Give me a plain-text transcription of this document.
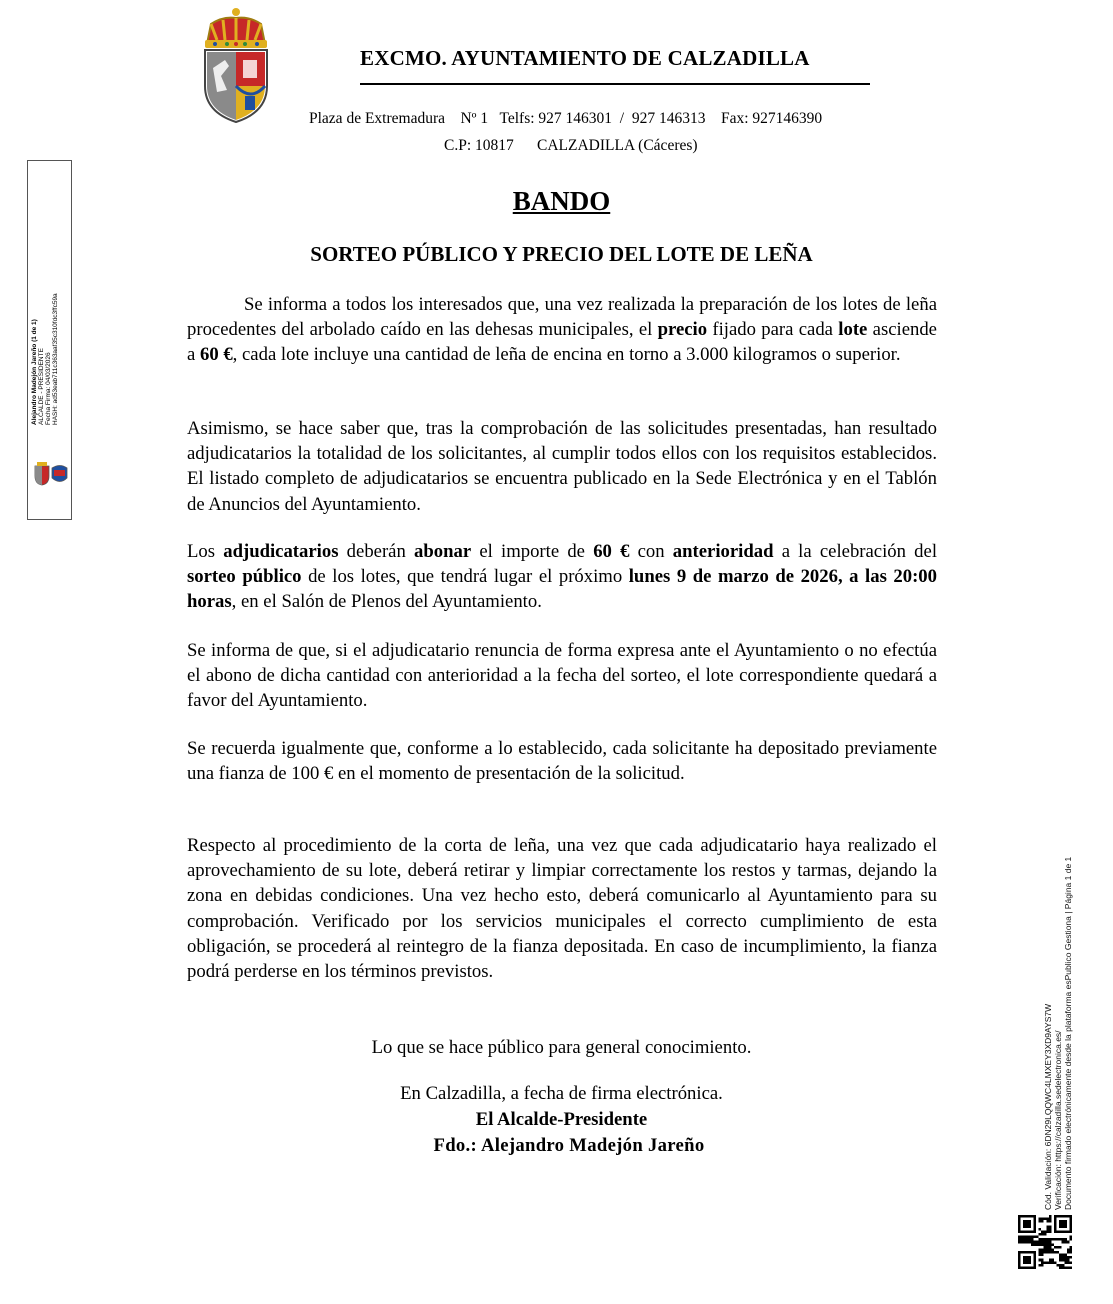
EXCMO. AYUNTAMIENTO DE CALZADILLA
Plaza de Extremadura    Nº 1   Telfs: 927 146301  /  927 146313    Fax: 927146390
C.P: 10817      CALZADILLA (Cáceres)
BANDO
SORTEO PÚBLICO Y PRECIO DEL LOTE DE LEÑA
Se informa a todos los interesados que, una vez realizada la preparación de los lotes de leña procedentes del arbolado caído en las dehesas municipales, el precio fijado para cada lote asciende a 60 €, cada lote incluye una cantidad de leña de encina en torno a 3.000 kilogramos o superior.
Asimismo, se hace saber que, tras la comprobación de las solicitudes presentadas, han resultado adjudicatarios la totalidad de los solicitantes, al cumplir todos ellos con los requisitos establecidos. El listado completo de adjudicatarios se encuentra publicado en la Sede Electrónica y en el Tablón de Anuncios del Ayuntamiento.
Los adjudicatarios deberán abonar el importe de 60 € con anterioridad a la celebración del sorteo público de los lotes, que tendrá lugar el próximo lunes 9 de marzo de 2026, a las 20:00 horas, en el Salón de Plenos del Ayuntamiento.
Se informa de que, si el adjudicatario renuncia de forma expresa ante el Ayuntamiento o no efectúa el abono de dicha cantidad con anterioridad a la fecha del sorteo, el lote correspondiente quedará a favor del Ayuntamiento.
Se recuerda igualmente que, conforme a lo establecido, cada solicitante ha depositado previamente una fianza de 100 € en el momento de presentación de la solicitud.
Respecto al procedimiento de la corta de leña, una vez que cada adjudicatario haya realizado el aprovechamiento de su lote, deberá retirar y limpiar correctamente los restos y tarmas, dejando la zona en debidas condiciones. Una vez hecho esto, deberá comunicarlo al Ayuntamiento para su comprobación. Verificado por los servicios municipales el correcto cumplimiento de esta obligación, se procederá al reintegro de la fianza depositada. En caso de incumplimiento, la fianza podrá perderse en los términos previstos.
Lo que se hace público para general conocimiento.
En Calzadilla, a fecha de firma electrónica.
El Alcalde-Presidente
Fdo.: Alejandro Madejón Jareño
Alejandro Madejón Jareño (1 de 1) ALCALDE - PRESIDENTE Fecha Firma: 04/03/2026 HASH: ad53eab711c363aaf35c310fdc3ffc59a
Cód. Validación: 6DN29LQQWC4LMXEY3XD9AYS7W Verificación: https://calzadilla.sedelectronica.es/ Documento firmado electrónicamente desde la plataforma esPublico Gestiona | Página 1 de 1
